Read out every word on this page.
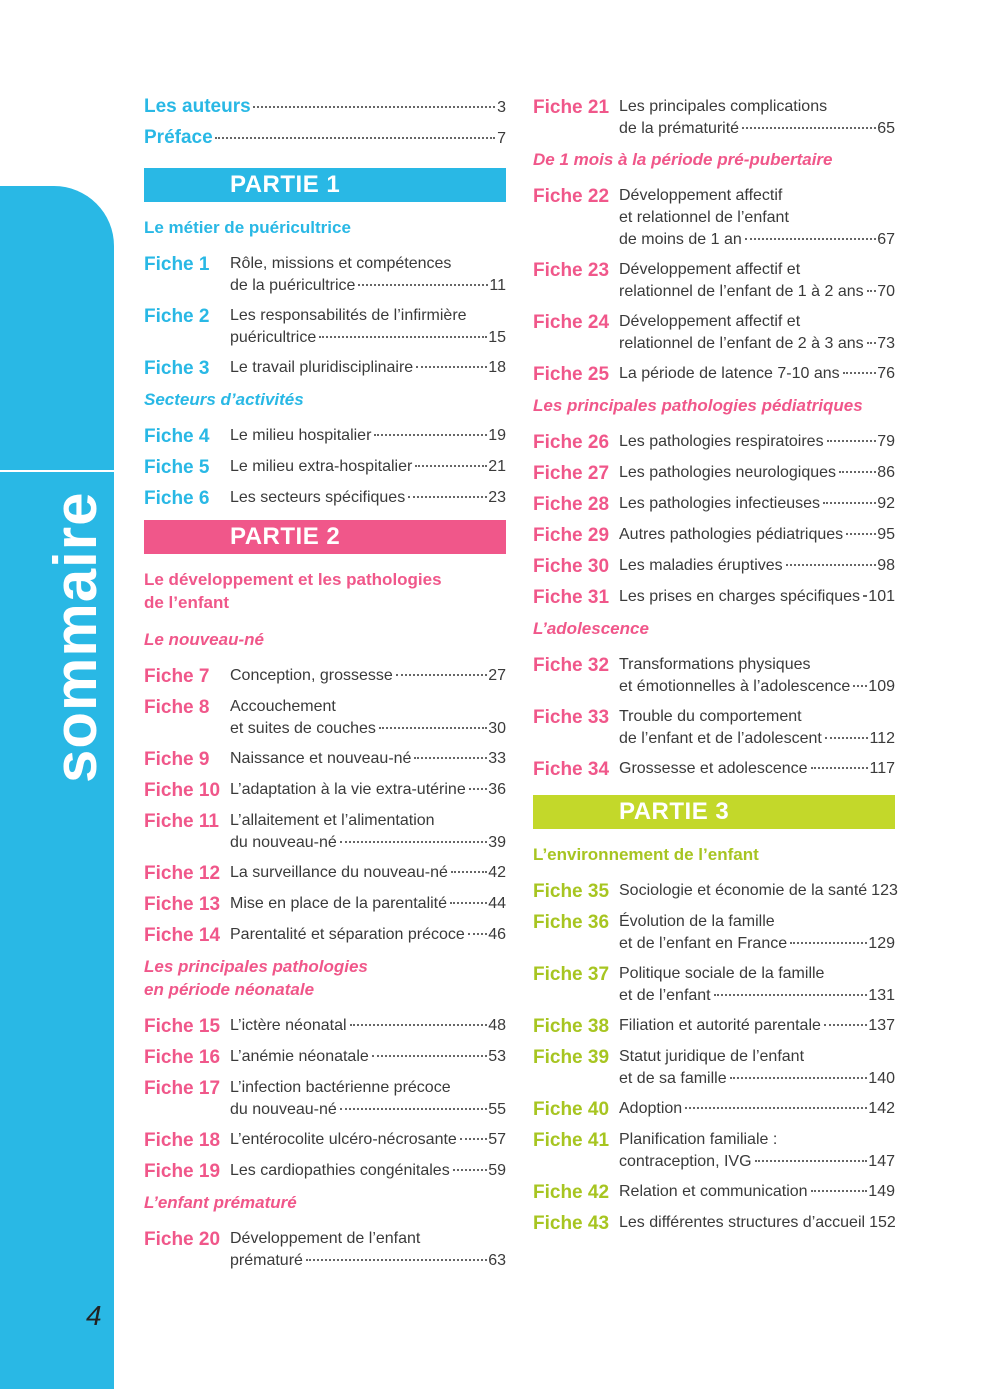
sommaire
4
Les auteurs	3
Préface	7
PARTIE 1
Le métier de puéricultrice
Fiche 1	Rôle, missions et compétences
de la puéricultrice	11
Fiche 2	Les responsabilités de l’infirmière
puéricultrice	15
Fiche 3	Le travail pluridisciplinaire	18
Secteurs d’activités
Fiche 4	Le milieu hospitalier	19
Fiche 5	Le milieu extra-hospitalier	21
Fiche 6	Les secteurs spécifiques	23
PARTIE 2
Le développement et les pathologies
de l’enfant
Le nouveau-né
Fiche 7	Conception, grossesse	27
Fiche 8	Accouchement
et suites de couches	30
Fiche 9	Naissance et nouveau-né	33
Fiche 10 L’adaptation à la vie extra-utérine 36
Fiche 11 L’allaitement et l’alimentation
du nouveau-né	39
Fiche 12 La surveillance du nouveau-né	42
Fiche 13 Mise en place de la parentalité	44
Fiche 14 Parentalité et séparation précoce 46
Les principales pathologies
en période néonatale
Fiche 15 L’ictère néonatal	48
Fiche 16 L’anémie néonatale	53
Fiche 17 L’infection bactérienne précoce
du nouveau-né	55
Fiche 18 L’entérocolite ulcéro-nécrosante 57
Fiche 19 Les cardiopathies congénitales 59
L’enfant prématuré
Fiche 20 Développement de l’enfant
prématuré	63
Fiche 21 Les principales complications
de la prématurité	65
De 1 mois à la période pré-pubertaire
Fiche 22 Développement affectif
et relationnel de l’enfant
de moins de 1 an	67
Fiche 23 Développement affectif et
relationnel de l’enfant de 1 à 2 ans 70
Fiche 24 Développement affectif et
relationnel de l’enfant de 2 à 3 ans 73
Fiche 25 La période de latence 7-10 ans 76
Les principales pathologies pédiatriques
Fiche 26 Les pathologies respiratoires	79
Fiche 27 Les pathologies neurologiques	86
Fiche 28 Les pathologies infectieuses	92
Fiche 29 Autres pathologies pédiatriques 95
Fiche 30 Les maladies éruptives	98
Fiche 31 Les prises en charges spécifiques 101
L’adolescence
Fiche 32 Transformations physiques
et émotionnelles à l’adolescence 109
Fiche 33 Trouble du comportement
de l’enfant et de l’adolescent	112
Fiche 34 Grossesse et adolescence	117
PARTIE 3
L’environnement de l’enfant
Fiche 35 Sociologie et économie de la santé 123
Fiche 36 Évolution de la famille
et de l’enfant en France	129
Fiche 37 Politique sociale de la famille
et de l’enfant	131
Fiche 38 Filiation et autorité parentale	137
Fiche 39 Statut juridique de l’enfant
et de sa famille	140
Fiche 40 Adoption	142
Fiche 41 Planification familiale :
contraception, IVG	147
Fiche 42 Relation et communication	149
Fiche 43 Les différentes structures d’accueil 152
